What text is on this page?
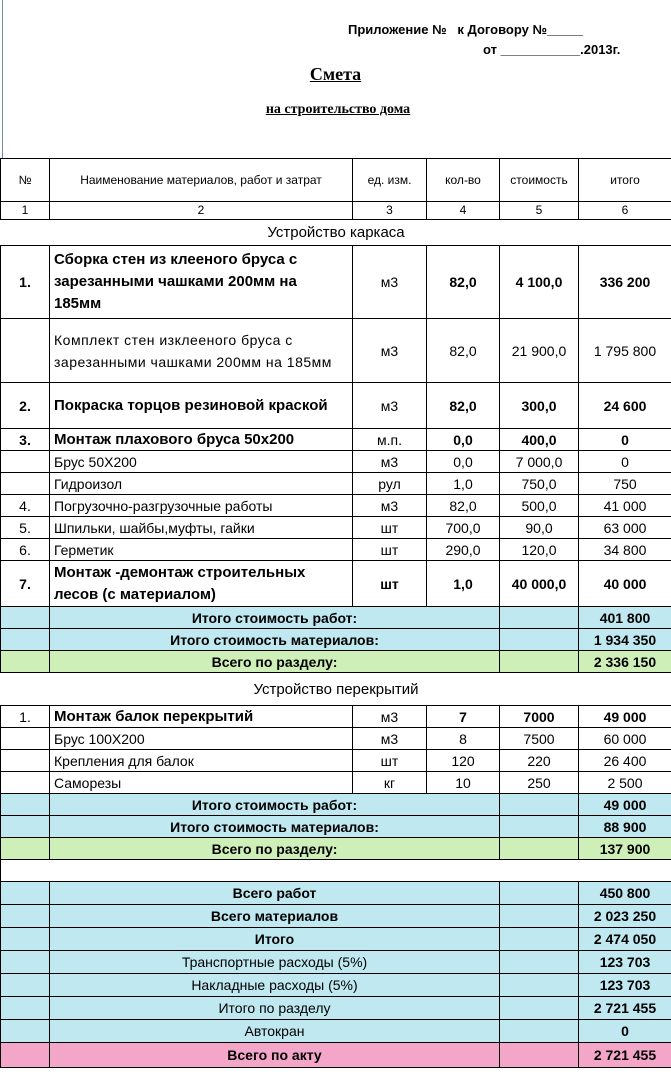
Приложение №   к Договору №_____
от ___________.2013г.
Смета
на строительство дома
№	Наименование материалов, работ и затрат	ед. изм.	кол-во	стоимость	итого
1	2	3	4	5	6
Устройство каркаса					
1.	Сборка стен из клееного бруса с зарезанными чашками 200мм на 185мм	м3	82,0	4 100,0	336 200
	Комплект стен изклееного бруса с зарезанными чашками 200мм на 185мм	м3	82,0	21 900,0	1 795 800
2.	Покраска торцов резиновой краской	м3	82,0	300,0	24 600
3.	Монтаж плахового бруса 50х200	м.п.	0,0	400,0	0
	Брус 50Х200	м3	0,0	7 000,0	0
	Гидроизол	рул	1,0	750,0	750
4.	Погрузочно-разгрузочные работы	м3	82,0	500,0	41 000
5.	Шпильки, шайбы,муфты, гайки	шт	700,0	90,0	63 000
6.	Герметик	шт	290,0	120,0	34 800
7.	Монтаж -демонтаж строительных лесов (с материалом)	шт	1,0	40 000,0	40 000
	Итого стоимость работ:				401 800
	Итого стоимость материалов:				1 934 350
	Всего по разделу:				2 336 150
Устройство перекрытий					
1.	Монтаж балок перекрытий	м3	7	7000	49 000
	Брус 100Х200	м3	8	7500	60 000
	Крепления для балок	шт	120	220	26 400
	Саморезы	кг	10	250	2 500
	Итого стоимость работ:				49 000
	Итого стоимость материалов:				88 900
	Всего по разделу:				137 900

	Всего работ				450 800
	Всего материалов				2 023 250
	Итого				2 474 050
	Транспортные расходы (5%)				123 703
	Накладные расходы (5%)				123 703
	Итого по разделу				2 721 455
	Автокран				0
	Всего по акту				2 721 455
